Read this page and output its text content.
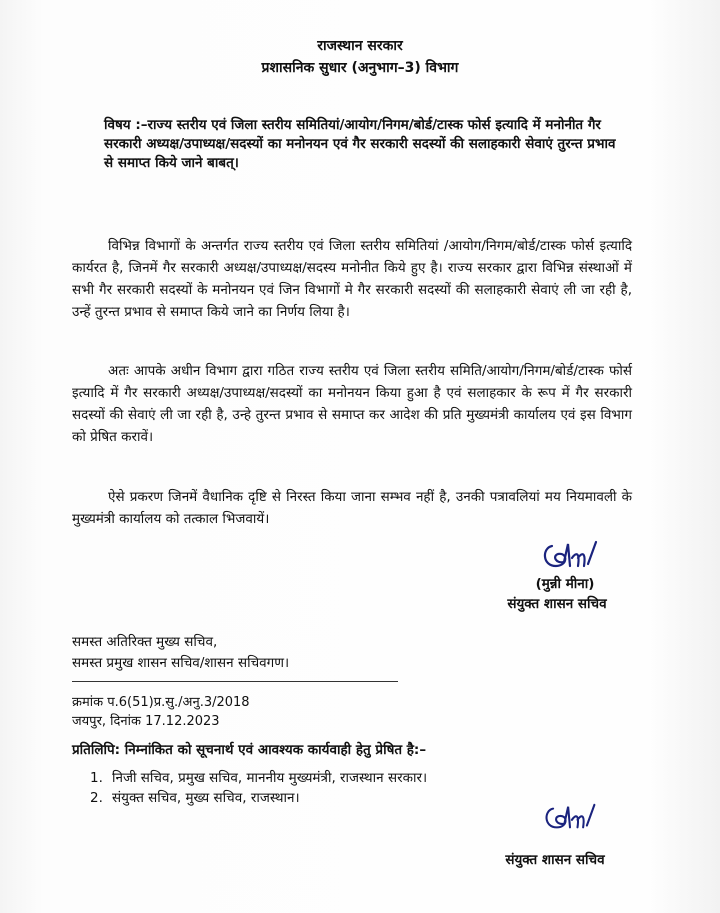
राजस्थान सरकार
प्रशासनिक सुधार (अनुभाग–3) विभाग
विषय :– राज्य स्तरीय एवं जिला स्तरीय समितियां/आयोग/निगम/बोर्ड/टास्क फोर्स इत्यादि में मनोनीत गैर सरकारी अध्यक्ष/उपाध्यक्ष/सदस्यों का मनोनयन एवं गैर सरकारी सदस्यों की सलाहकारी सेवाएं तुरन्त प्रभाव से समाप्त किये जाने बाबत्।
विभिन्न विभागों के अन्तर्गत राज्य स्तरीय एवं जिला स्तरीय समितियां /आयोग/निगम/बोर्ड/टास्क फोर्स इत्यादि कार्यरत है, जिनमें गैर सरकारी अध्यक्ष/उपाध्यक्ष/सदस्य मनोनीत किये हुए है। राज्य सरकार द्वारा विभिन्न संस्थाओं में सभी गैर सरकारी सदस्यों के मनोनयन एवं जिन विभागों मे गैर सरकारी सदस्यों की सलाहकारी सेवाएं ली जा रही है, उन्हें तुरन्त प्रभाव से समाप्त किये जाने का निर्णय लिया है।
अतः आपके अधीन विभाग द्वारा गठित राज्य स्तरीय एवं जिला स्तरीय समिति/आयोग/निगम/बोर्ड/टास्क फोर्स इत्यादि में गैर सरकारी अध्यक्ष/उपाध्यक्ष/सदस्यों का मनोनयन किया हुआ है एवं सलाहकार के रूप में गैर सरकारी सदस्यों की सेवाएं ली जा रही है, उन्हे तुरन्त प्रभाव से समाप्त कर आदेश की प्रति मुख्यमंत्री कार्यालय एवं इस विभाग को प्रेषित करावें।
ऐसे प्रकरण जिनमें वैधानिक दृष्टि से निरस्त किया जाना सम्भव नहीं है, उनकी पत्रावलियां मय नियमावली के मुख्यमंत्री कार्यालय को तत्काल भिजवायें।
(मुन्नी मीना)
संयुक्त शासन सचिव
समस्त अतिरिक्त मुख्य सचिव,
समस्त प्रमुख शासन सचिव/शासन सचिवगण।
क्रमांक प.6(51)प्र.सु./अनु.3/2018
जयपुर, दिनांक 17.12.2023
प्रतिलिपि: निम्नांकित को सूचनार्थ एवं आवश्यक कार्यवाही हेतु प्रेषित है:–
1. निजी सचिव, प्रमुख सचिव, माननीय मुख्यमंत्री, राजस्थान सरकार।
2. संयुक्त सचिव, मुख्य सचिव, राजस्थान।
संयुक्त शासन सचिव
